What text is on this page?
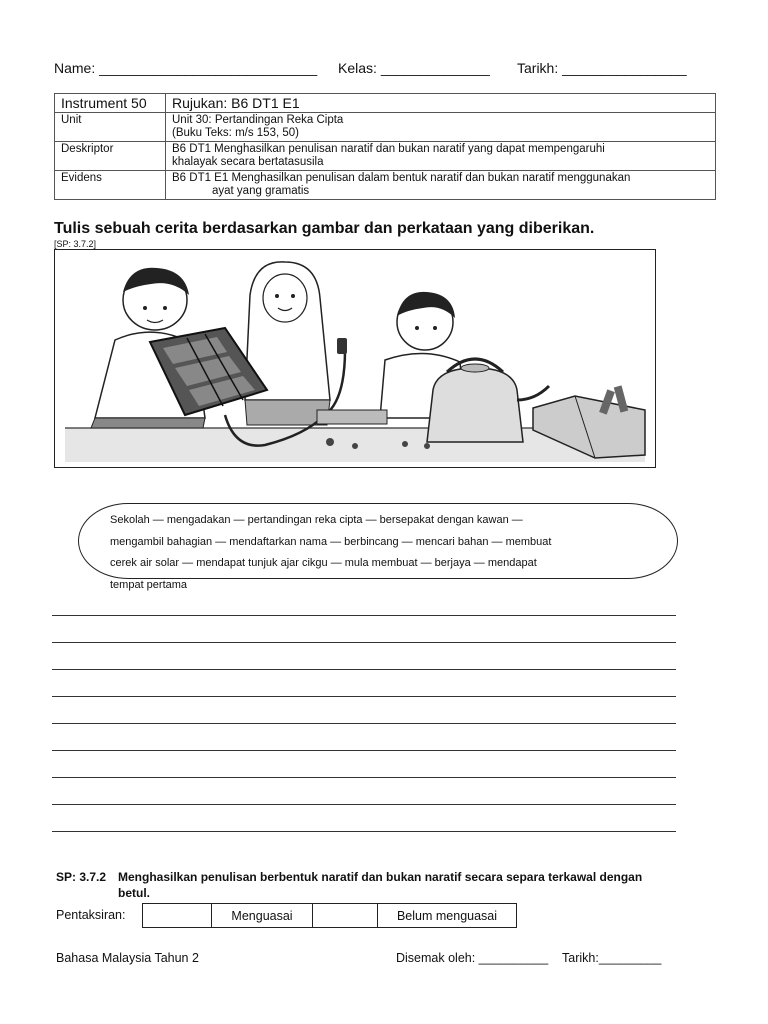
Name: ____________________________ Kelas: ______________ Tarikh: ________________
Instrument 50	Rujukan: B6 DT1 E1
Unit	Unit 30: Pertandingan Reka Cipta
(Buku Teks: m/s 153, 50)

Deskriptor	B6 DT1 Menghasilkan penulisan naratif dan bukan naratif yang dapat mempengaruhi
khalayak secara bertatasusila

Evidens	B6 DT1 E1 Menghasilkan penulisan dalam bentuk naratif dan bukan naratif menggunakan
ayat yang gramatis
Tulis sebuah cerita berdasarkan gambar dan perkataan yang diberikan.
[SP: 3.7.2]
Sekolah — mengadakan — pertandingan reka cipta — bersepakat dengan kawan —
mengambil bahagian — mendaftarkan nama — berbincang — mencari bahan — membuat
cerek air solar — mendapat tunjuk ajar cikgu — mula membuat — berjaya — mendapat
tempat pertama
SP: 3.7.2 Menghasilkan penulisan berbentuk naratif dan bukan naratif secara separa terkawal dengan
betul.
Pentaksiran:
		Menguasai		Belum menguasai
Bahasa Malaysia Tahun 2	Disemak oleh: __________ Tarikh:_________
